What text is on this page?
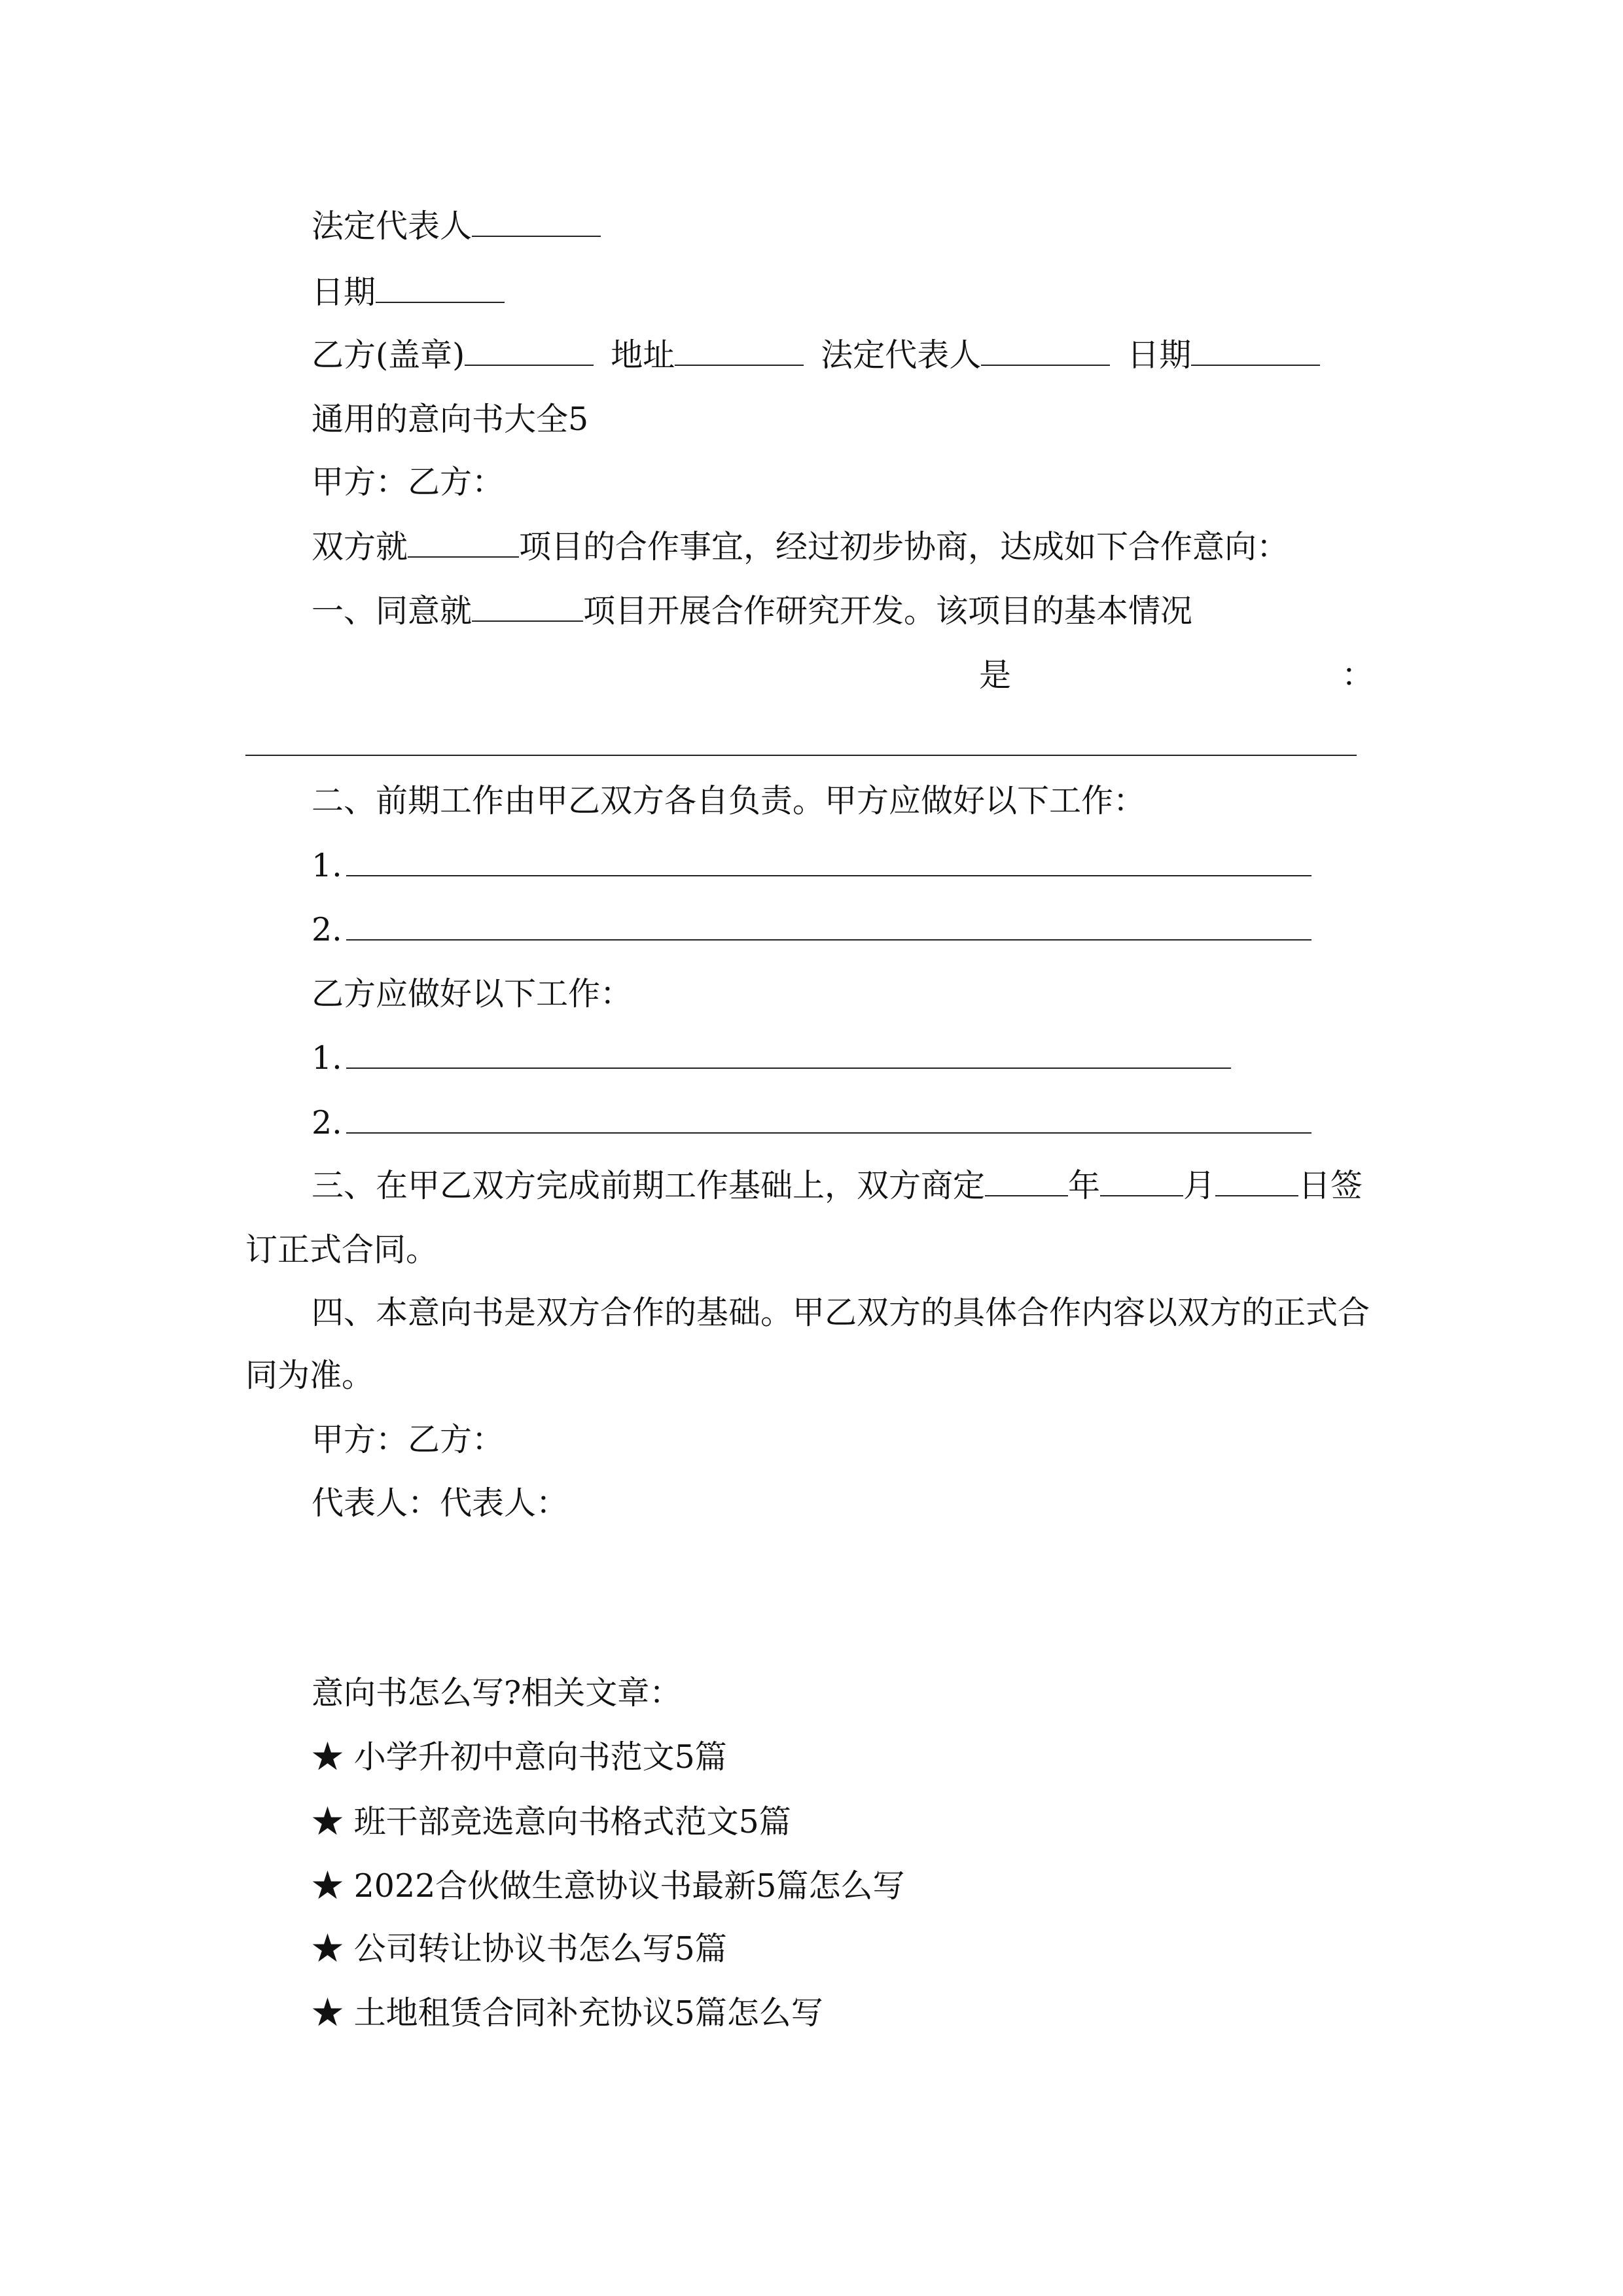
法定代表人
日期
乙方(盖章)	地址	法定代表人	日期
通用的意向书大全5
甲方：乙方：
双方就	项目的合作事宜，经过初步协商，达成如下合作意向：
一、同意就	项目开展合作研究开发。该项目的基本情况
是	：
二、前期工作由甲乙双方各自负责。甲方应做好以下工作：
1.
2.
乙方应做好以下工作：
1.
2.
三、在甲乙双方完成前期工作基础上，双方商定	年	月	日签
订正式合同。
四、本意向书是双方合作的基础。甲乙双方的具体合作内容以双方的正式合
同为准。
甲方：乙方：
代表人：代表人：
意向书怎么写?相关文章：
★ 小学升初中意向书范文5篇
★ 班干部竞选意向书格式范文5篇
★ 2022合伙做生意协议书最新5篇怎么写
★ 公司转让协议书怎么写5篇
★ 土地租赁合同补充协议5篇怎么写
